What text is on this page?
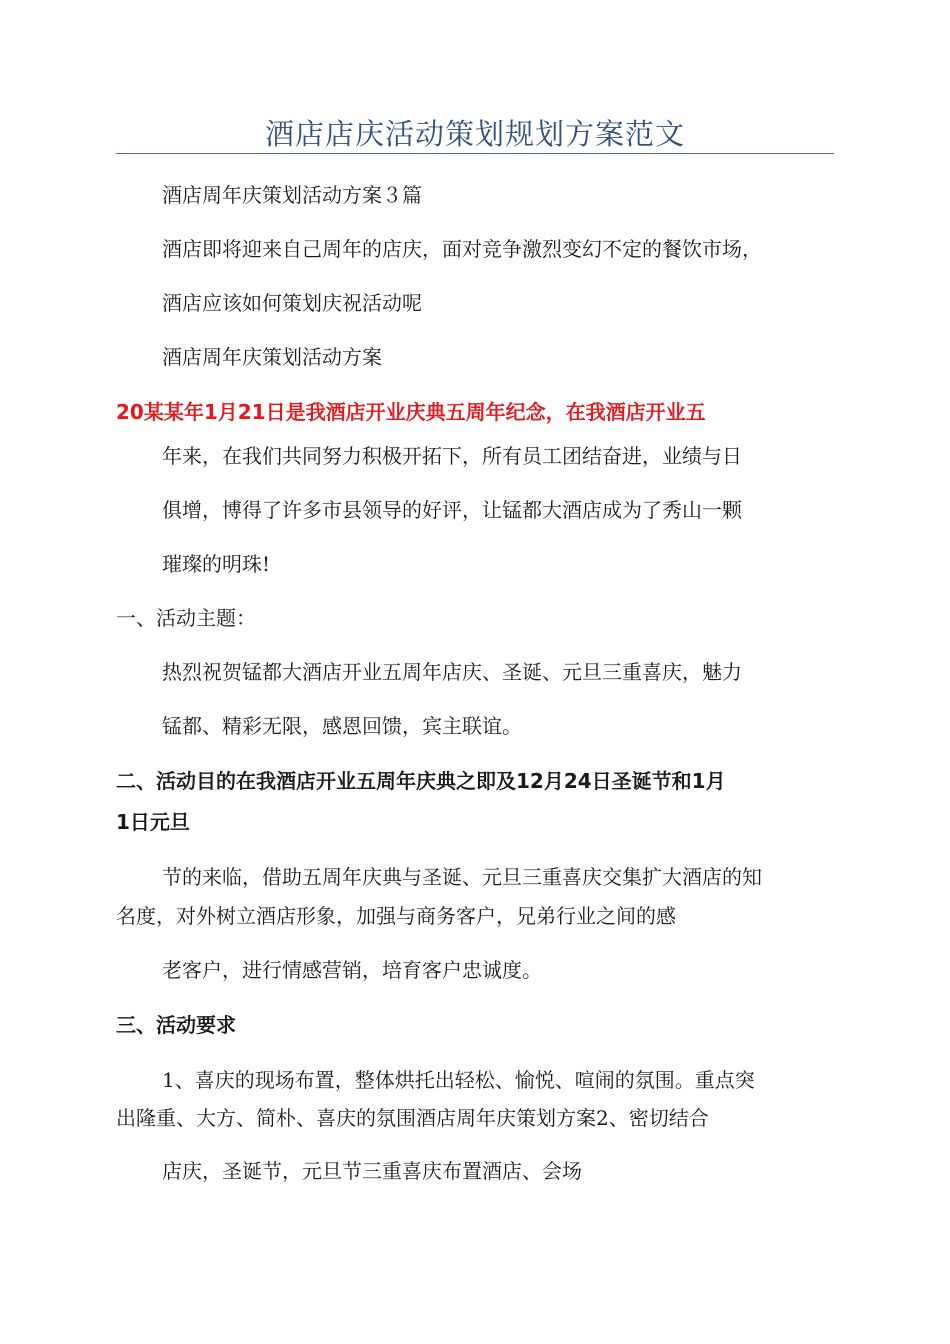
酒店店庆活动策划规划方案范文
酒店周年庆策划活动方案３篇
酒店即将迎来自己周年的店庆，面对竞争激烈变幻不定的餐饮市场，
酒店应该如何策划庆祝活动呢
酒店周年庆策划活动方案
20某某年1月21日是我酒店开业庆典五周年纪念，在我酒店开业五
年来，在我们共同努力积极开拓下，所有员工团结奋进，业绩与日
俱增，博得了许多市县领导的好评，让锰都大酒店成为了秀山一颗
璀璨的明珠!
一、活动主题：
热烈祝贺锰都大酒店开业五周年店庆、圣诞、元旦三重喜庆，魅力
锰都、精彩无限，感恩回馈，宾主联谊。
二、活动目的在我酒店开业五周年庆典之即及12月24日圣诞节和1月
1日元旦
节的来临，借助五周年庆典与圣诞、元旦三重喜庆交集扩大酒店的知
名度，对外树立酒店形象，加强与商务客户，兄弟行业之间的感
老客户，进行情感营销，培育客户忠诚度。
三、活动要求
1、喜庆的现场布置，整体烘托出轻松、愉悦、喧闹的氛围。重点突
出隆重、大方、简朴、喜庆的氛围酒店周年庆策划方案2、密切结合
店庆，圣诞节，元旦节三重喜庆布置酒店、会场
